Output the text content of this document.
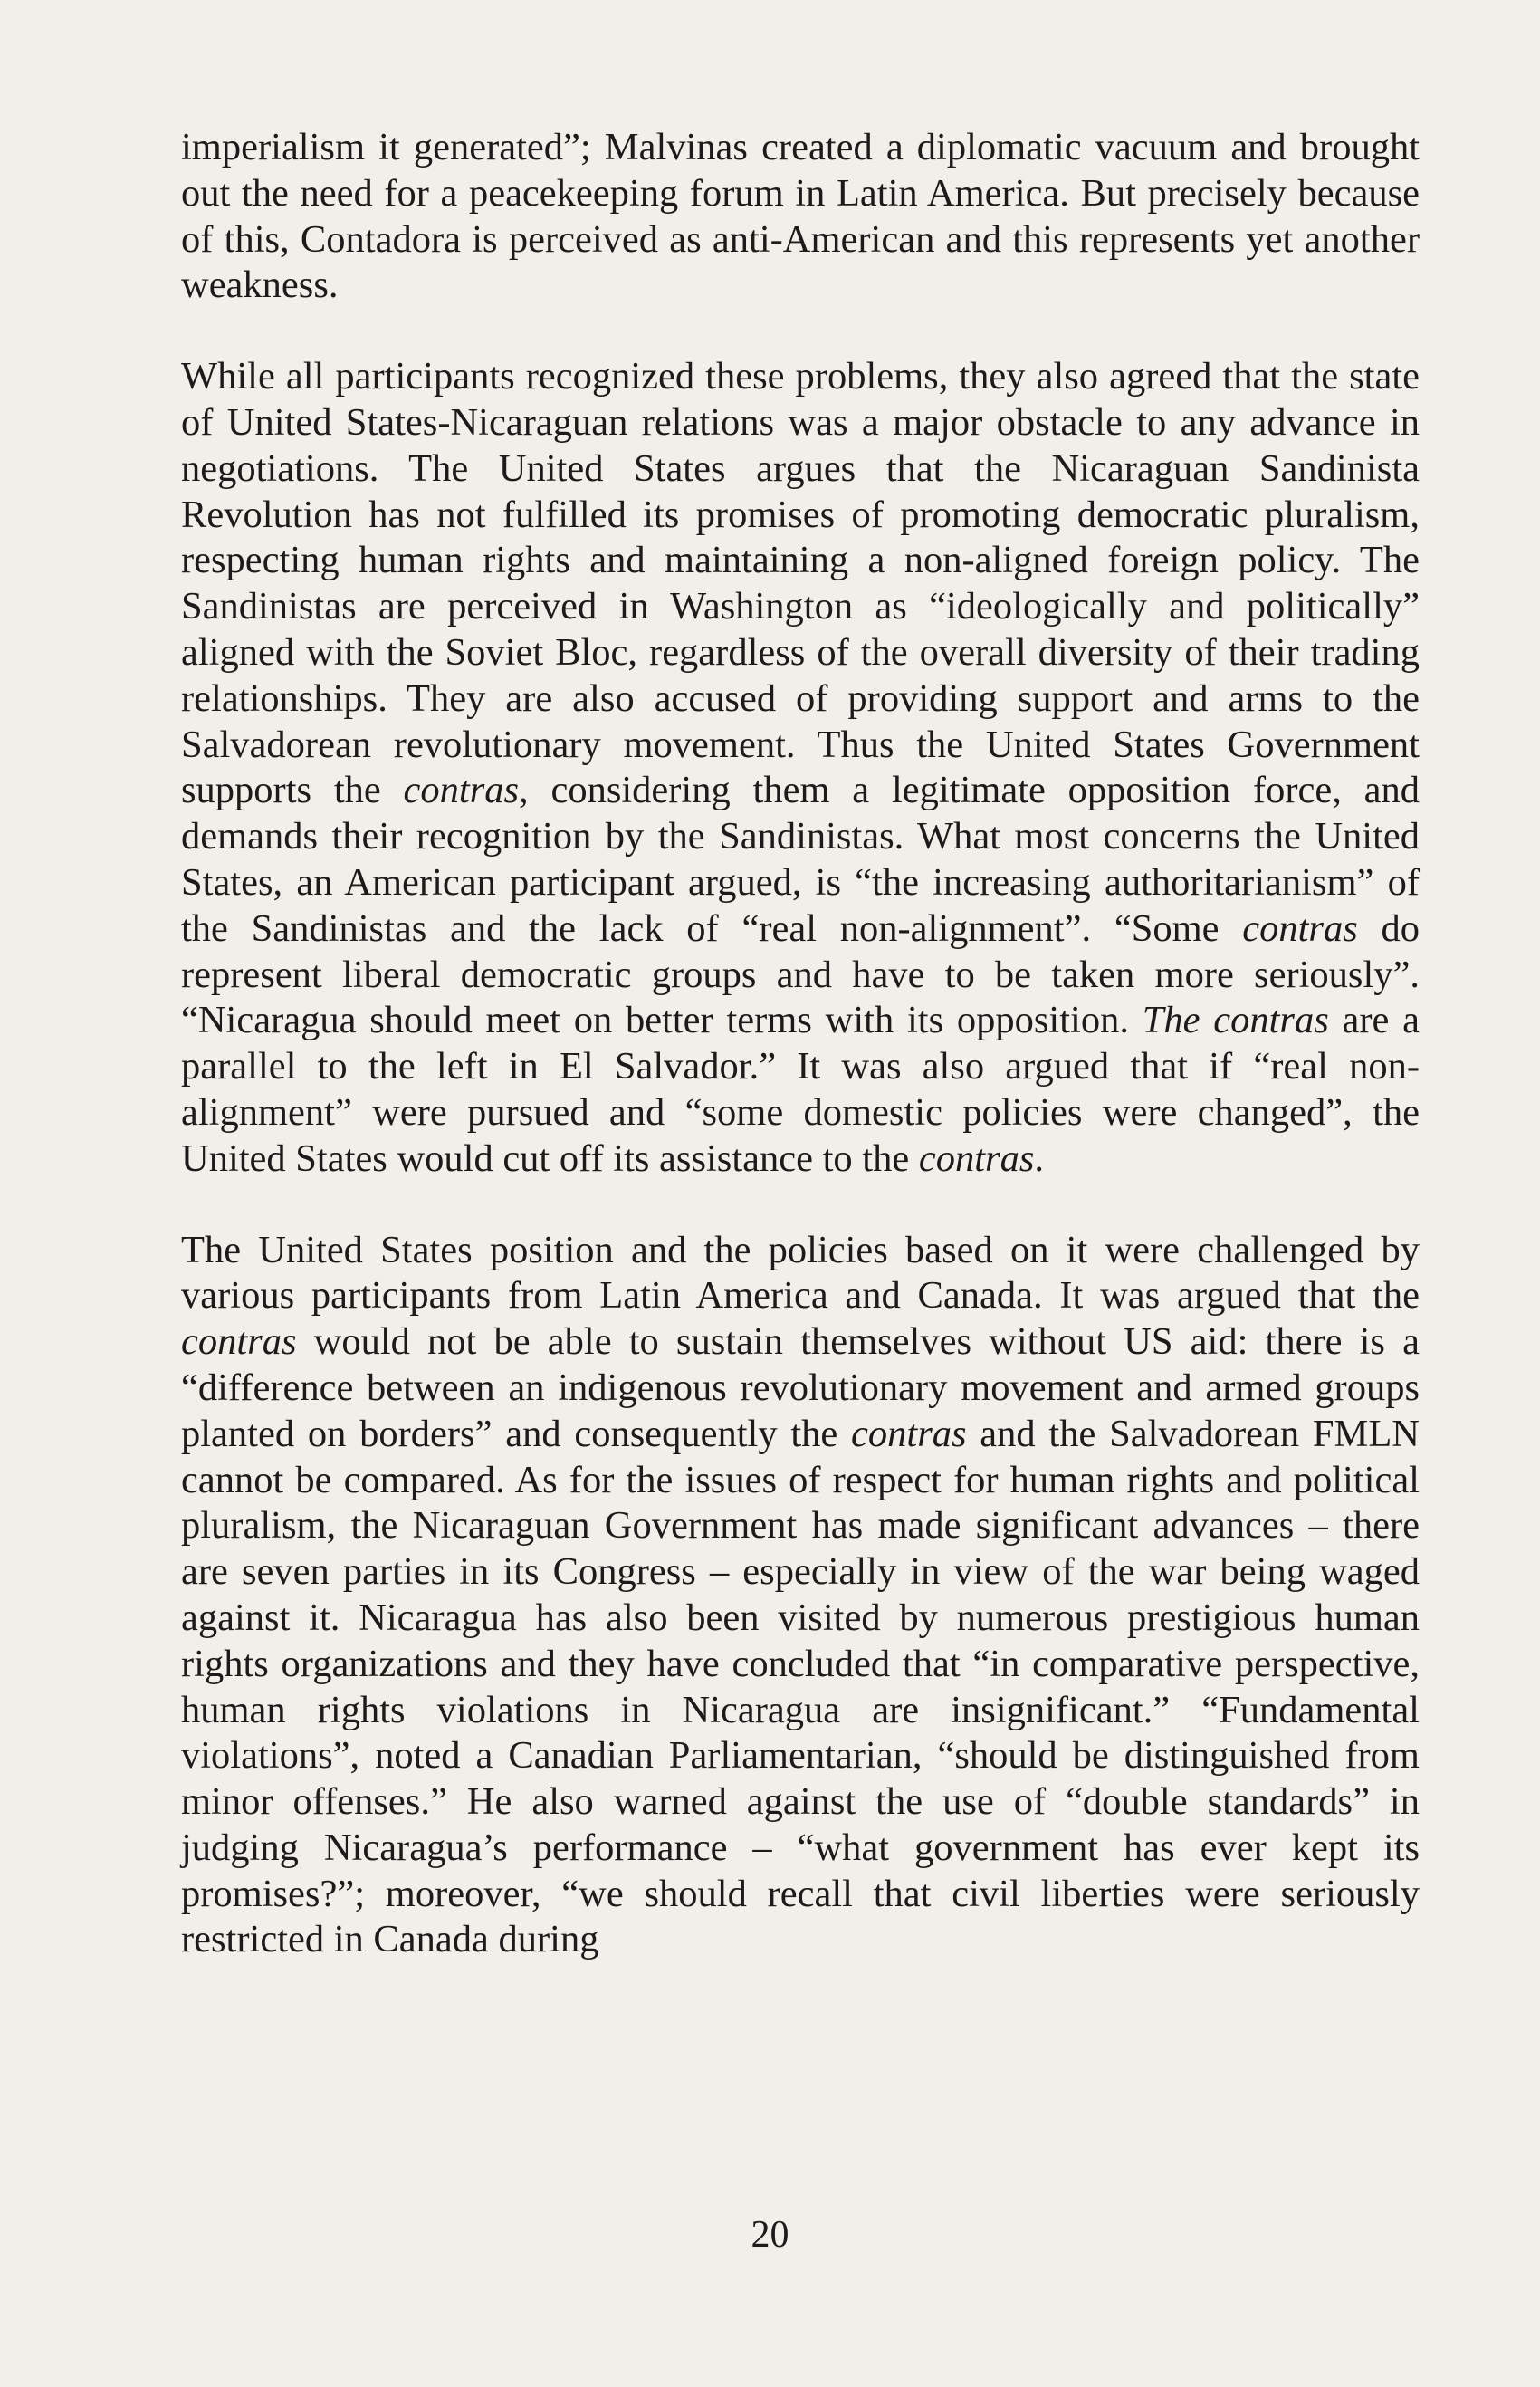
imperialism it generated”; Malvinas created a diplomatic vacuum and brought out the need for a peacekeeping forum in Latin America. But precisely because of this, Contadora is perceived as anti-American and this represents yet another weakness.

While all participants recognized these problems, they also agreed that the state of United States-Nicaraguan relations was a major obstacle to any advance in negotiations. The United States argues that the Nicaraguan Sandinista Revolution has not fulfilled its promises of promoting democratic pluralism, respecting human rights and maintaining a non-aligned foreign policy. The Sandinistas are perceived in Washington as “ideologically and politically” aligned with the Soviet Bloc, regardless of the overall diversity of their trading relationships. They are also accused of providing support and arms to the Salvadorean revolutionary movement. Thus the United States Government supports the contras, considering them a legitimate opposition force, and demands their recognition by the Sandinistas. What most concerns the United States, an American participant argued, is “the increasing authoritarianism” of the Sandinistas and the lack of “real non-alignment”. “Some contras do represent liberal democratic groups and have to be taken more seriously”. “Nicaragua should meet on better terms with its opposition. The contras are a parallel to the left in El Salvador.” It was also argued that if “real non-alignment” were pursued and “some domestic policies were changed”, the United States would cut off its assistance to the contras.

The United States position and the policies based on it were challenged by various participants from Latin America and Canada. It was argued that the contras would not be able to sustain themselves without US aid: there is a “difference between an indigenous revolutionary movement and armed groups planted on borders” and consequently the contras and the Salvadorean FMLN cannot be compared. As for the issues of respect for human rights and political pluralism, the Nicaraguan Government has made significant advances – there are seven parties in its Congress – especially in view of the war being waged against it. Nicaragua has also been visited by numerous prestigious human rights organizations and they have concluded that “in comparative perspective, human rights violations in Nicaragua are insignificant.” “Fundamental violations”, noted a Canadian Parliamentarian, “should be distinguished from minor offenses.” He also warned against the use of “double standards” in judging Nicaragua’s performance – “what government has ever kept its promises?”; moreover, “we should recall that civil liberties were seriously restricted in Canada during

20
